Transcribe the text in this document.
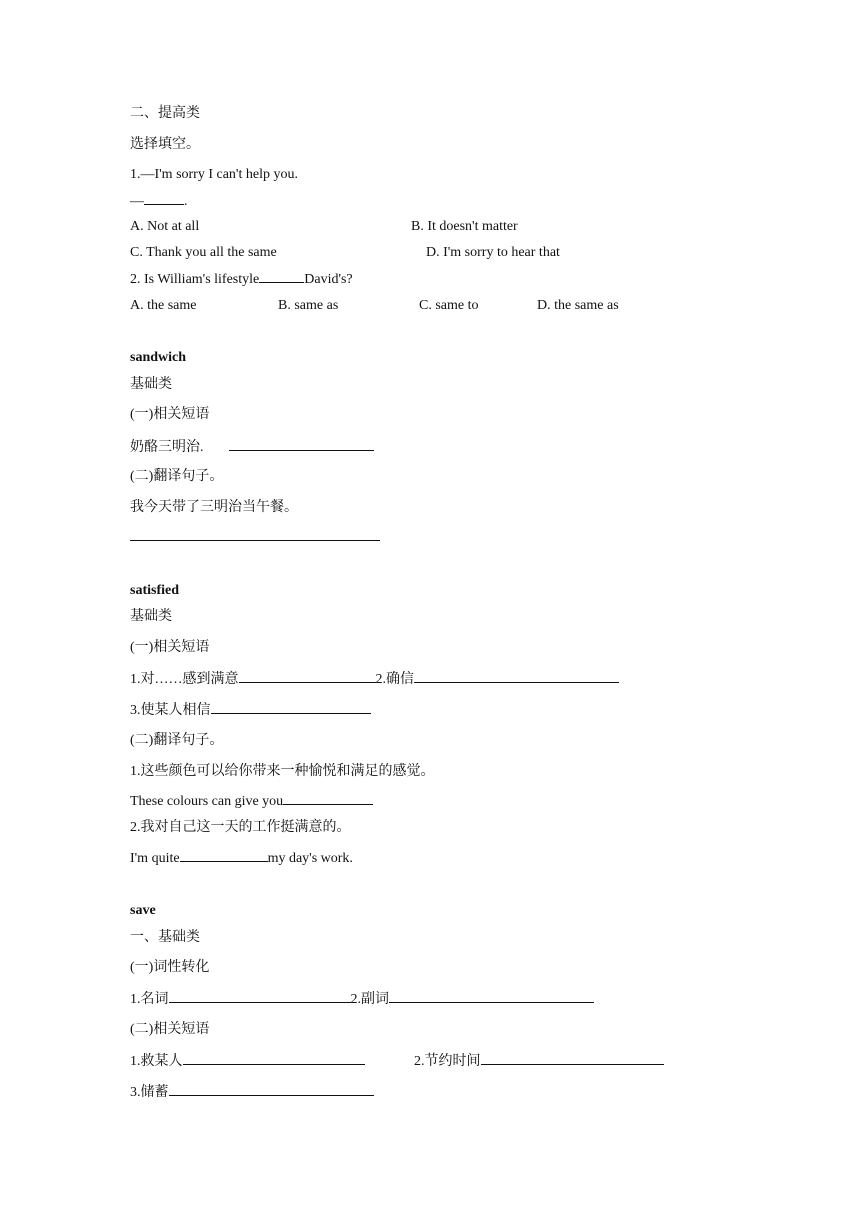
二、提高类
选择填空。
1.—I'm sorry I can't help you.
—	.
A. Not at all	B. It doesn't matter
C. Thank you all the same	D. I'm sorry to hear that
2. Is William's lifestyle	David's?
A. the same	B. same as	C. same to	D. the same as
sandwich
基础类
(一)相关短语
奶酪三明治.
(二)翻译句子。
我今天带了三明治当午餐。
satisfied
基础类
(一)相关短语
1.对……感到满意	2.确信
3.使某人相信
(二)翻译句子。
1.这些颜色可以给你带来一种愉悦和满足的感觉。
These colours can give you
2.我对自己这一天的工作挺满意的。
I'm quite	my day's work.
save
一、基础类
(一)词性转化
1.名词	2.副词
(二)相关短语
1.救某人	2.节约时间
3.储蓄
